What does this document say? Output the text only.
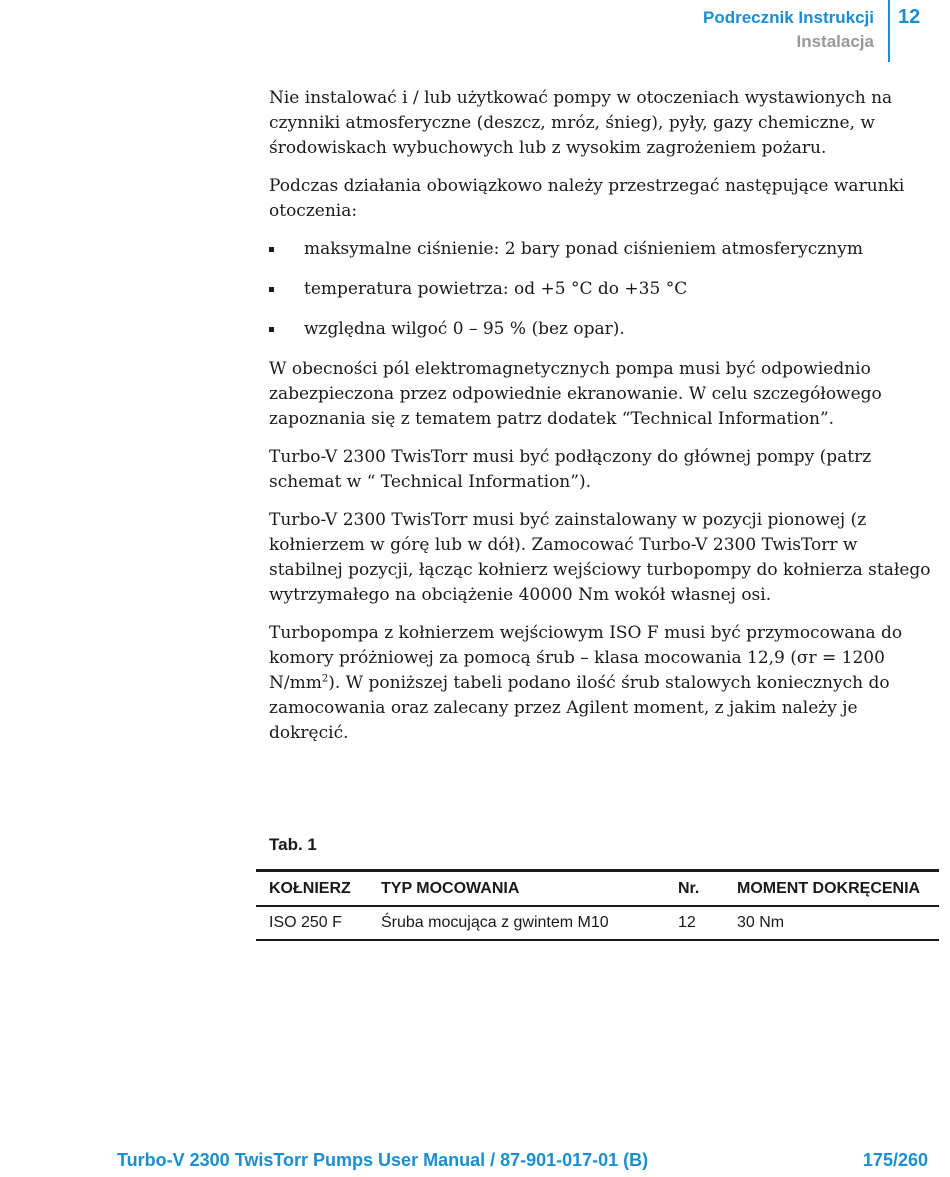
Podrecznik Instrukcji
Instalacja
12

Nie instalować i / lub użytkować pompy w otoczeniach wystawionych na czynniki atmosferyczne (deszcz, mróz, śnieg), pyły, gazy chemiczne, w środowiskach wybuchowych lub z wysokim zagrożeniem pożaru.

Podczas działania obowiązkowo należy przestrzegać następujące warunki otoczenia:

maksymalne ciśnienie: 2 bary ponad ciśnieniem atmosferycznym
temperatura powietrza: od +5 °C do +35 °C
względna wilgoć 0 – 95 % (bez opar).

W obecności pól elektromagnetycznych pompa musi być odpowiednio zabezpieczona przez odpowiednie ekranowanie. W celu szczegółowego zapoznania się z tematem patrz dodatek “Technical Information”.

Turbo-V 2300 TwisTorr musi być podłączony do głównej pompy (patrz schemat w “ Technical Information”).

Turbo-V 2300 TwisTorr musi być zainstalowany w pozycji pionowej (z kołnierzem w górę lub w dół). Zamocować Turbo-V 2300 TwisTorr w stabilnej pozycji, łącząc kołnierz wejściowy turbopompy do kołnierza stałego wytrzymałego na obciążenie 40000 Nm wokół własnej osi.

Turbopompa z kołnierzem wejściowym ISO F musi być przymocowana do komory próżniowej za pomocą śrub – klasa mocowania 12,9 (σr = 1200 $N/mm^2$). W poniższej tabeli podano ilość śrub stalowych koniecznych do zamocowania oraz zalecany przez Agilent moment, z jakim należy je dokręcić.

Tab. 1
KOŁNIERZ	TYP MOCOWANIA	Nr.	MOMENT DOKRĘCENIA
ISO 250 F	Śruba mocująca z gwintem M10	12	30 Nm
Turbo-V 2300 TwisTorr Pumps User Manual / 87-901-017-01 (B)	175/260
